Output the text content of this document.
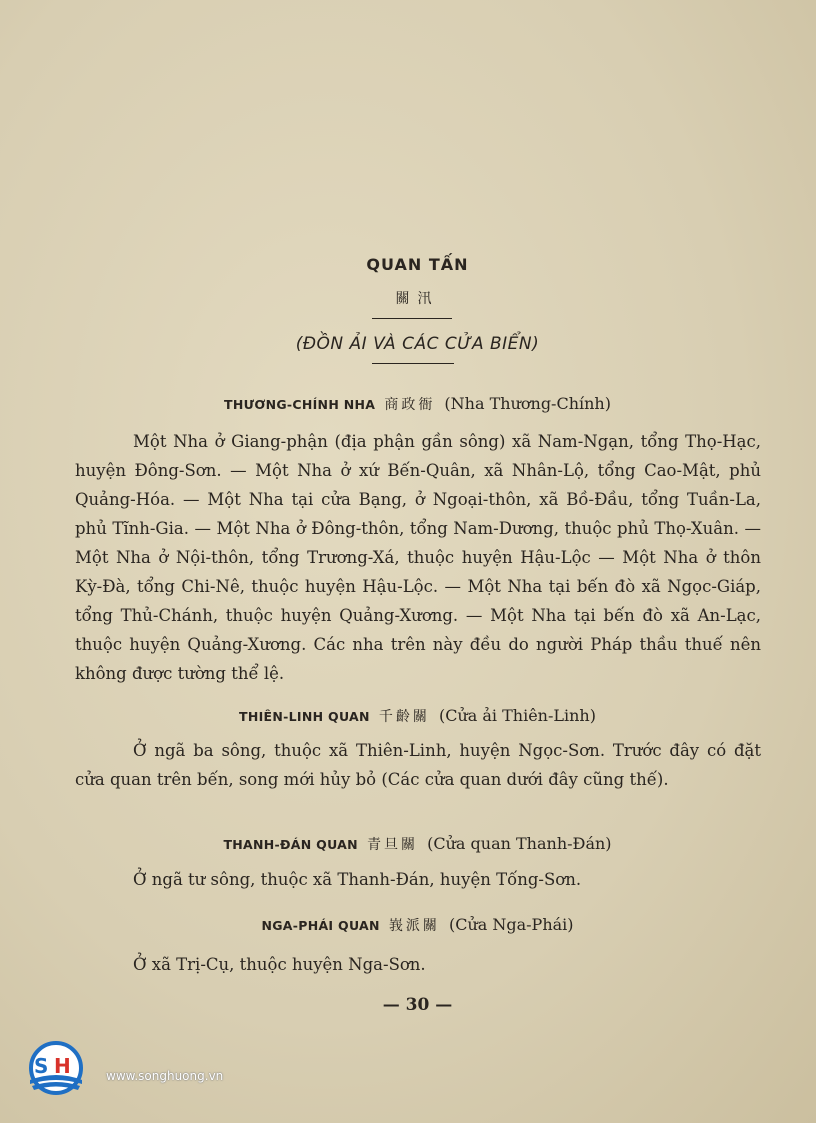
QUAN TẤN
關汛
(ĐỒN ẢI VÀ CÁC CỬA BIỂN)
THƯƠNG-CHÍNH NHA 商政衙 (Nha Thương-Chính)

Một Nha ở Giang-phận (địa phận gần sông) xã Nam-Ngạn, tổng Thọ-Hạc, huyện Đông-Sơn. — Một Nha ở xứ Bến-Quân, xã Nhân-Lộ, tổng Cao-Mật, phủ Quảng-Hóa. — Một Nha tại cửa Bạng, ở Ngoại-thôn, xã Bồ-Đầu, tổng Tuần-La, phủ Tĩnh-Gia. — Một Nha ở Đông-thôn, tổng Nam-Dương, thuộc phủ Thọ-Xuân. — Một Nha ở Nội-thôn, tổng Trương-Xá, thuộc huyện Hậu-Lộc — Một Nha ở thôn Kỳ-Đà, tổng Chi-Nê, thuộc huyện Hậu-Lộc. — Một Nha tại bến đò xã Ngọc-Giáp, tổng Thủ-Chánh, thuộc huyện Quảng-Xương. — Một Nha tại bến đò xã An-Lạc, thuộc huyện Quảng-Xương. Các nha trên này đều do người Pháp thầu thuế nên không được tường thể lệ.

THIÊN-LINH QUAN 千齡關 (Cửa ải Thiên-Linh)

Ở ngã ba sông, thuộc xã Thiên-Linh, huyện Ngọc-Sơn. Trước đây có đặt cửa quan trên bến, song mới hủy bỏ (Các cửa quan dưới đây cũng thế).

THANH-ĐÁN QUAN 青旦關 (Cửa quan Thanh-Đán)

Ở ngã tư sông, thuộc xã Thanh-Đán, huyện Tống-Sơn.

NGA-PHÁI QUAN 峩派關 (Cửa Nga-Phái)

Ở xã Trị-Cụ, thuộc huyện Nga-Sơn.

— 30 —
S H	www.songhuong.vn
